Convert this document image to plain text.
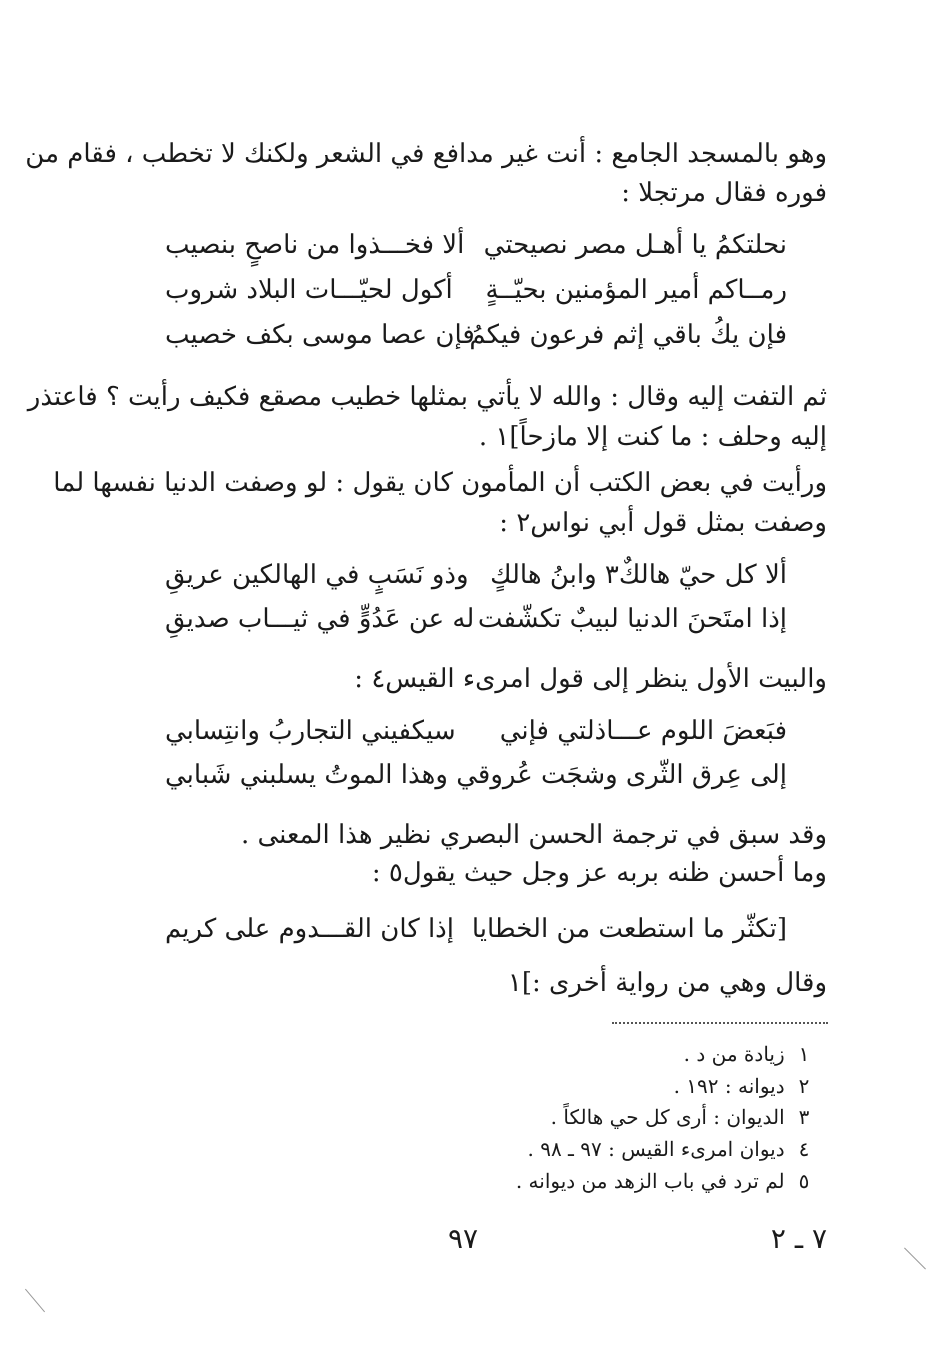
وهو بالمسجد الجامع : أنت غير مدافع في الشعر ولكنك لا تخطب ، فقام من
فوره فقال مرتجلا :
نحلتكمُ يا أهـل مصر نصيحتي
ألا فخـــذوا من ناصحٍ بنصيب
رمــاكم أمير المؤمنين بحيّــةٍ
أكول لحيّـــات البلاد شروب
فإن يكُ باقي إثم فرعون فيكمُ
فإن عصا موسى بكف خصيب
ثم التفت إليه وقال : والله لا يأتي بمثلها خطيب مصقع فكيف رأيت ؟ فاعتذر
إليه وحلف : ما كنت إلا مازحاً]١ .
ورأيت في بعض الكتب أن المأمون كان يقول : لو وصفت الدنيا نفسها لما
وصفت بمثل قول أبي نواس٢ :
ألا كل حيّ هالكٌ٣ وابنُ هالكٍ
وذو نَسَبٍ في الهالكين عريقِ
إذا امتَحنَ الدنيا لبيبٌ تكشّفت
له عن عَدُوٍّ في ثيـــاب صديقِ
والبيت الأول ينظر إلى قول امرىء القيس٤ :
فبَعضَ اللوم عـــاذلتي فإني
سيكفيني التجاربُ وانتِسابي
إلى عِرق الثّرى وشجَت عُروقي
وهذا الموتُ يسلبني شَبابي
وقد سبق في ترجمة الحسن البصري نظير هذا المعنى .
وما أحسن ظنه بربه عز وجل حيث يقول٥ :
[تكثّر ما استطعت من الخطايا
إذا كان القـــدوم على كريم
وقال وهي من رواية أخرى :]١
١ زيادة من د .
٢ ديوانه : ١٩٢ .
٣ الديوان : أرى كل حي هالكاً .
٤ ديوان امرىء القيس : ٩٧ ـ ٩٨ .
٥ لم ترد في باب الزهد من ديوانه .
٩٧	٧ ـ ٢
